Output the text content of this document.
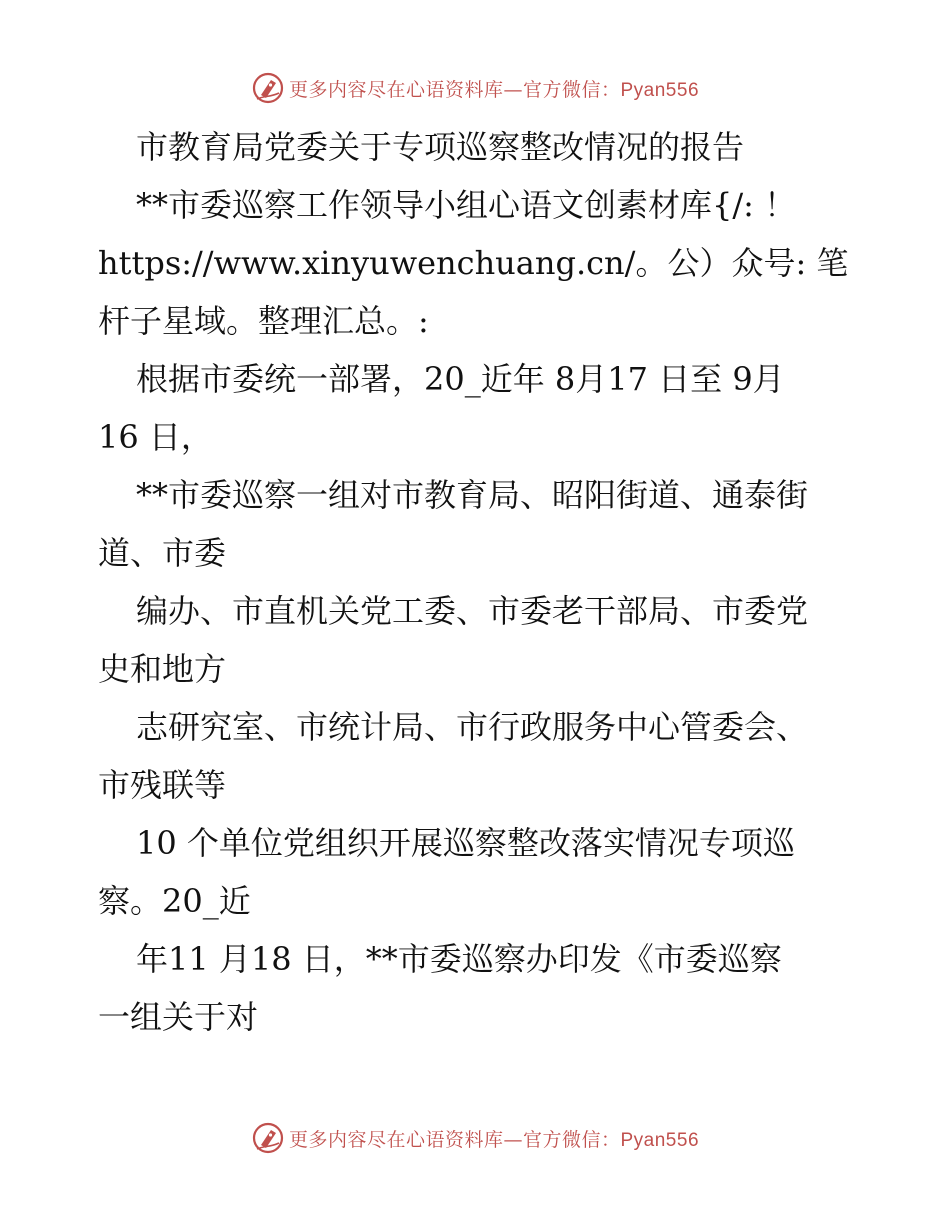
更多内容尽在心语资料库—官方微信：Pyan556
市教育局党委关于专项巡察整改情况的报告
**市委巡察工作领导小组心语文创素材库{/: ！
https://www.xinyuwenchuang.cn/。公）众号: 笔
杆子星域。整理汇总。:
根据市委统一部署，20_近年 8月17 日至 9月
16 日，
**市委巡察一组对市教育局、昭阳街道、通泰街
道、市委
编办、市直机关党工委、市委老干部局、市委党
史和地方
志研究室、市统计局、市行政服务中心管委会、
市残联等
10 个单位党组织开展巡察整改落实情况专项巡
察。20_近
年11 月18 日，**市委巡察办印发《市委巡察
一组关于对
更多内容尽在心语资料库—官方微信：Pyan556
